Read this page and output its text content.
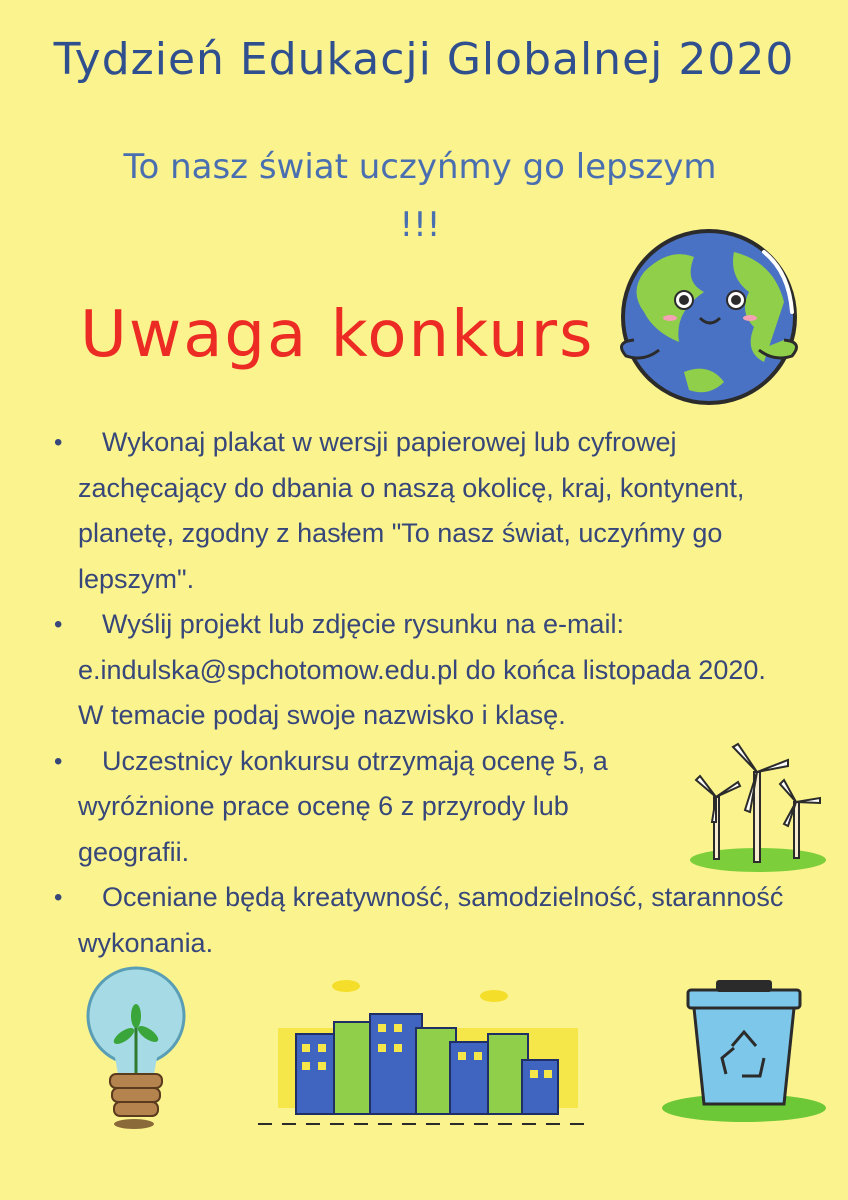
Tydzień Edukacji Globalnej 2020

To nasz świat uczyńmy go lepszym !!!

Uwaga konkurs
•	Wykonaj plakat w wersji papierowej lub cyfrowej zachęcający do dbania o naszą okolicę, kraj, kontynent, planetę, zgodny z hasłem "To nasz świat, uczyńmy go lepszym".
•	Wyślij projekt lub zdjęcie rysunku na e-mail: e.indulska@spchotomow.edu.pl do końca listopada 2020. W temacie podaj swoje nazwisko i klasę.
•	Uczestnicy konkursu otrzymają ocenę 5, a wyróżnione prace ocenę 6 z przyrody lub geografii.
•	Oceniane będą kreatywność, samodzielność, staranność wykonania.
